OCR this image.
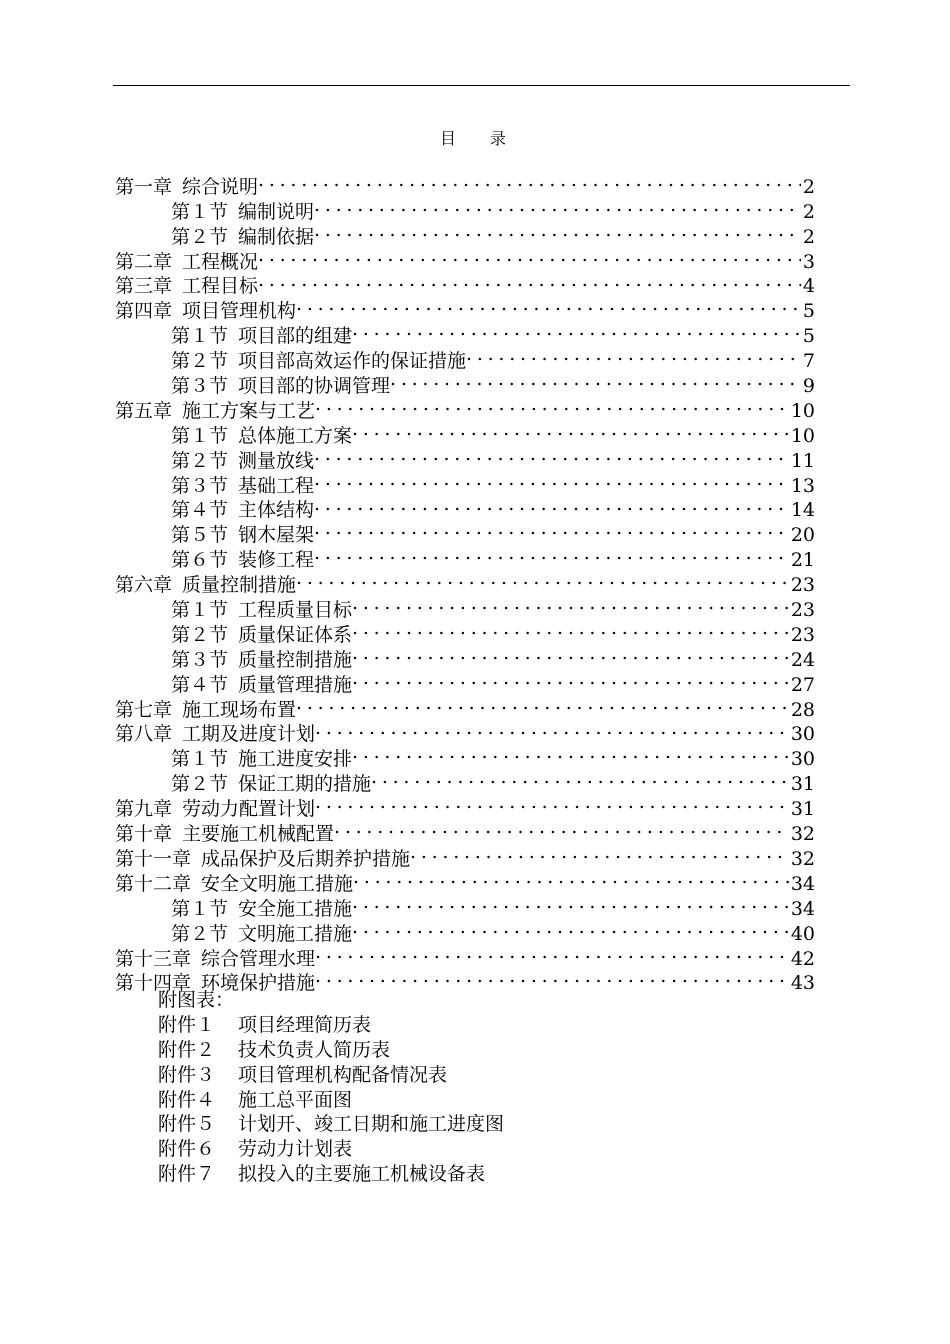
目 录
第一章 综合说明 .....	2
第１节 编制说明 .....	2
第２节 编制依据 .....	2
第二章 工程概况 .....	3
第三章 工程目标 .....	4
第四章 项目管理机构 .....	5
第１节 项目部的组建 .....	5
第２节 项目部高效运作的保证措施 .....	7
第３节 项目部的协调管理 .....	9
第五章 施工方案与工艺 .....	10
第１节 总体施工方案 .....	10
第２节 测量放线 .....	11
第３节 基础工程 .....	13
第４节 主体结构 .....	14
第５节 钢木屋架 .....	20
第６节 装修工程 .....	21
第六章 质量控制措施 .....	23
第１节 工程质量目标 .....	23
第２节 质量保证体系 .....	23
第３节 质量控制措施 .....	24
第４节 质量管理措施 .....	27
第七章 施工现场布置 .....	28
第八章 工期及进度计划 .....	30
第１节 施工进度安排 .....	30
第２节 保证工期的措施 .....	31
第九章 劳动力配置计划 .....	31
第十章 主要施工机械配置 .....	32
第十一章 成品保护及后期养护措施 .....	32
第十二章 安全文明施工措施 .....	34
第１节 安全施工措施 .....	34
第２节 文明施工措施 .....	40
第十三章 综合管理水理 .....	42
第十四章 环境保护措施 .....	43
附图表：
附件１ 项目经理简历表
附件２ 技术负责人简历表
附件３ 项目管理机构配备情况表
附件４ 施工总平面图
附件５ 计划开、竣工日期和施工进度图
附件６ 劳动力计划表
附件７ 拟投入的主要施工机械设备表
